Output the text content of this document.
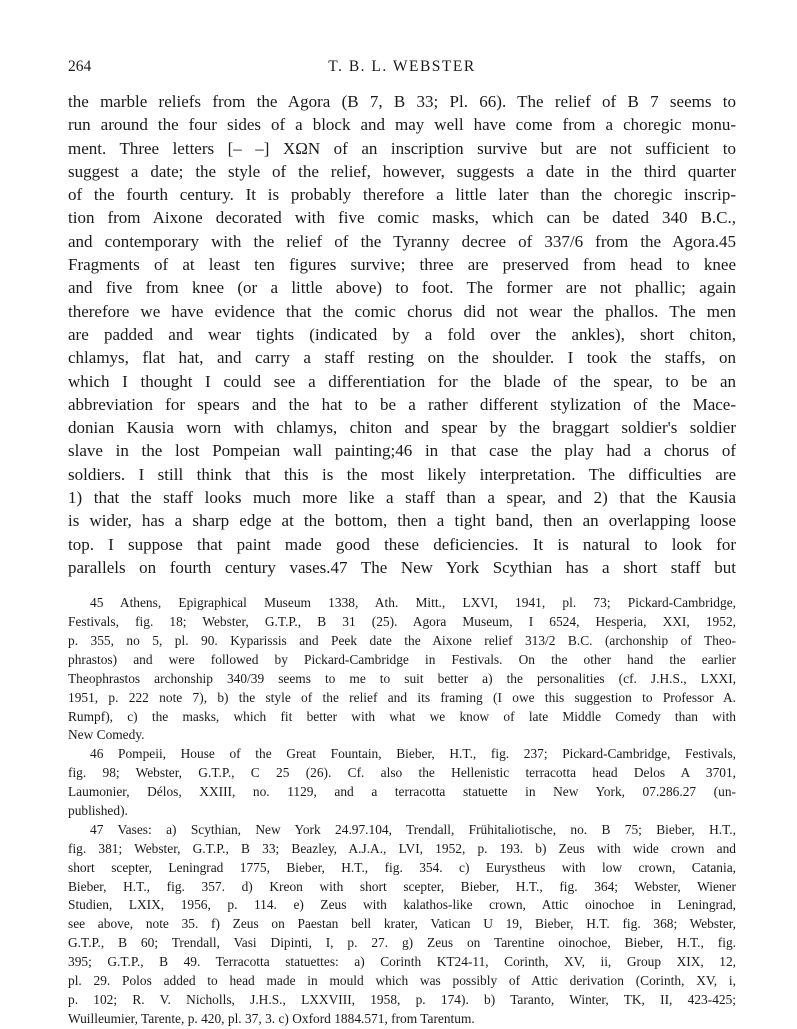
264	T. B. L. WEBSTER
the marble reliefs from the Agora (B 7, B 33; Pl. 66). The relief of B 7 seems to
run around the four sides of a block and may well have come from a choregic monu-
ment. Three letters [– –] ΧΩΝ of an inscription survive but are not sufficient to
suggest a date; the style of the relief, however, suggests a date in the third quarter
of the fourth century. It is probably therefore a little later than the choregic inscrip-
tion from Aixone decorated with five comic masks, which can be dated 340 B.C.,
and contemporary with the relief of the Tyranny decree of 337/6 from the Agora.45
Fragments of at least ten figures survive; three are preserved from head to knee
and five from knee (or a little above) to foot. The former are not phallic; again
therefore we have evidence that the comic chorus did not wear the phallos. The men
are padded and wear tights (indicated by a fold over the ankles), short chiton,
chlamys, flat hat, and carry a staff resting on the shoulder. I took the staffs, on
which I thought I could see a differentiation for the blade of the spear, to be an
abbreviation for spears and the hat to be a rather different stylization of the Mace-
donian Kausia worn with chlamys, chiton and spear by the braggart soldier's soldier
slave in the lost Pompeian wall painting;46 in that case the play had a chorus of
soldiers. I still think that this is the most likely interpretation. The difficulties are
1) that the staff looks much more like a staff than a spear, and 2) that the Kausia
is wider, has a sharp edge at the bottom, then a tight band, then an overlapping loose
top. I suppose that paint made good these deficiencies. It is natural to look for
parallels on fourth century vases.47 The New York Scythian has a short staff but
45 Athens, Epigraphical Museum 1338, Ath. Mitt., LXVI, 1941, pl. 73; Pickard-Cambridge,
Festivals, fig. 18; Webster, G.T.P., B 31 (25). Agora Museum, I 6524, Hesperia, XXI, 1952,
p. 355, no 5, pl. 90. Kyparissis and Peek date the Aixone relief 313/2 B.C. (archonship of Theo-
phrastos) and were followed by Pickard-Cambridge in Festivals. On the other hand the earlier
Theophrastos archonship 340/39 seems to me to suit better a) the personalities (cf. J.H.S., LXXI,
1951, p. 222 note 7), b) the style of the relief and its framing (I owe this suggestion to Professor A.
Rumpf), c) the masks, which fit better with what we know of late Middle Comedy than with
New Comedy.
46 Pompeii, House of the Great Fountain, Bieber, H.T., fig. 237; Pickard-Cambridge, Festivals,
fig. 98; Webster, G.T.P., C 25 (26). Cf. also the Hellenistic terracotta head Delos A 3701,
Laumonier, Délos, XXIII, no. 1129, and a terracotta statuette in New York, 07.286.27 (un-
published).
47 Vases: a) Scythian, New York 24.97.104, Trendall, Frühitaliotische, no. B 75; Bieber, H.T.,
fig. 381; Webster, G.T.P., B 33; Beazley, A.J.A., LVI, 1952, p. 193. b) Zeus with wide crown and
short scepter, Leningrad 1775, Bieber, H.T., fig. 354. c) Eurystheus with low crown, Catania,
Bieber, H.T., fig. 357. d) Kreon with short scepter, Bieber, H.T., fig. 364; Webster, Wiener
Studien, LXIX, 1956, p. 114. e) Zeus with kalathos-like crown, Attic oinochoe in Leningrad,
see above, note 35. f) Zeus on Paestan bell krater, Vatican U 19, Bieber, H.T. fig. 368; Webster,
G.T.P., B 60; Trendall, Vasi Dipinti, I, p. 27. g) Zeus on Tarentine oinochoe, Bieber, H.T., fig.
395; G.T.P., B 49. Terracotta statuettes: a) Corinth KT24-11, Corinth, XV, ii, Group XIX, 12,
pl. 29. Polos added to head made in mould which was possibly of Attic derivation (Corinth, XV, i,
p. 102; R. V. Nicholls, J.H.S., LXXVIII, 1958, p. 174). b) Taranto, Winter, TK, II, 423-425;
Wuilleumier, Tarente, p. 420, pl. 37, 3. c) Oxford 1884.571, from Tarentum.
